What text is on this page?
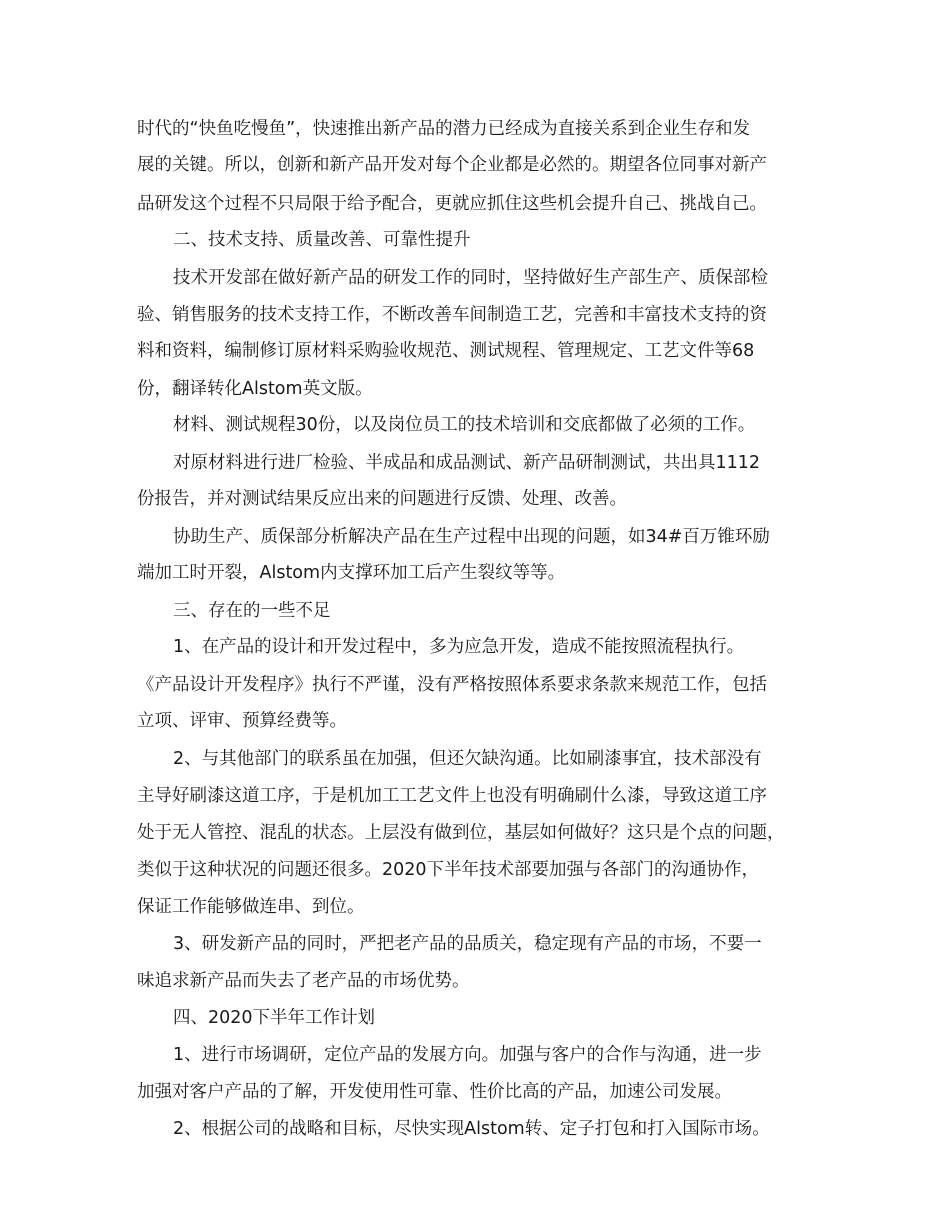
时代的“快鱼吃慢鱼”，快速推出新产品的潜力已经成为直接关系到企业生存和发
展的关键。所以，创新和新产品开发对每个企业都是必然的。期望各位同事对新产
品研发这个过程不只局限于给予配合，更就应抓住这些机会提升自己、挑战自己。
二、技术支持、质量改善、可靠性提升
技术开发部在做好新产品的研发工作的同时，坚持做好生产部生产、质保部检
验、销售服务的技术支持工作，不断改善车间制造工艺，完善和丰富技术支持的资
料和资料，编制修订原材料采购验收规范、测试规程、管理规定、工艺文件等68
份，翻译转化Alstom英文版。
材料、测试规程30份，以及岗位员工的技术培训和交底都做了必须的工作。
对原材料进行进厂检验、半成品和成品测试、新产品研制测试，共出具1112
份报告，并对测试结果反应出来的问题进行反馈、处理、改善。
协助生产、质保部分析解决产品在生产过程中出现的问题，如34#百万锥环励
端加工时开裂，Alstom内支撑环加工后产生裂纹等等。
三、存在的一些不足
1、在产品的设计和开发过程中，多为应急开发，造成不能按照流程执行。
《产品设计开发程序》执行不严谨，没有严格按照体系要求条款来规范工作，包括
立项、评审、预算经费等。
2、与其他部门的联系虽在加强，但还欠缺沟通。比如刷漆事宜，技术部没有
主导好刷漆这道工序，于是机加工工艺文件上也没有明确刷什么漆，导致这道工序
处于无人管控、混乱的状态。上层没有做到位，基层如何做好？这只是个点的问题，
类似于这种状况的问题还很多。2020下半年技术部要加强与各部门的沟通协作，
保证工作能够做连串、到位。
3、研发新产品的同时，严把老产品的品质关，稳定现有产品的市场，不要一
味追求新产品而失去了老产品的市场优势。
四、2020下半年工作计划
1、进行市场调研，定位产品的发展方向。加强与客户的合作与沟通，进一步
加强对客户产品的了解，开发使用性可靠、性价比高的产品，加速公司发展。
2、根据公司的战略和目标，尽快实现Alstom转、定子打包和打入国际市场。
